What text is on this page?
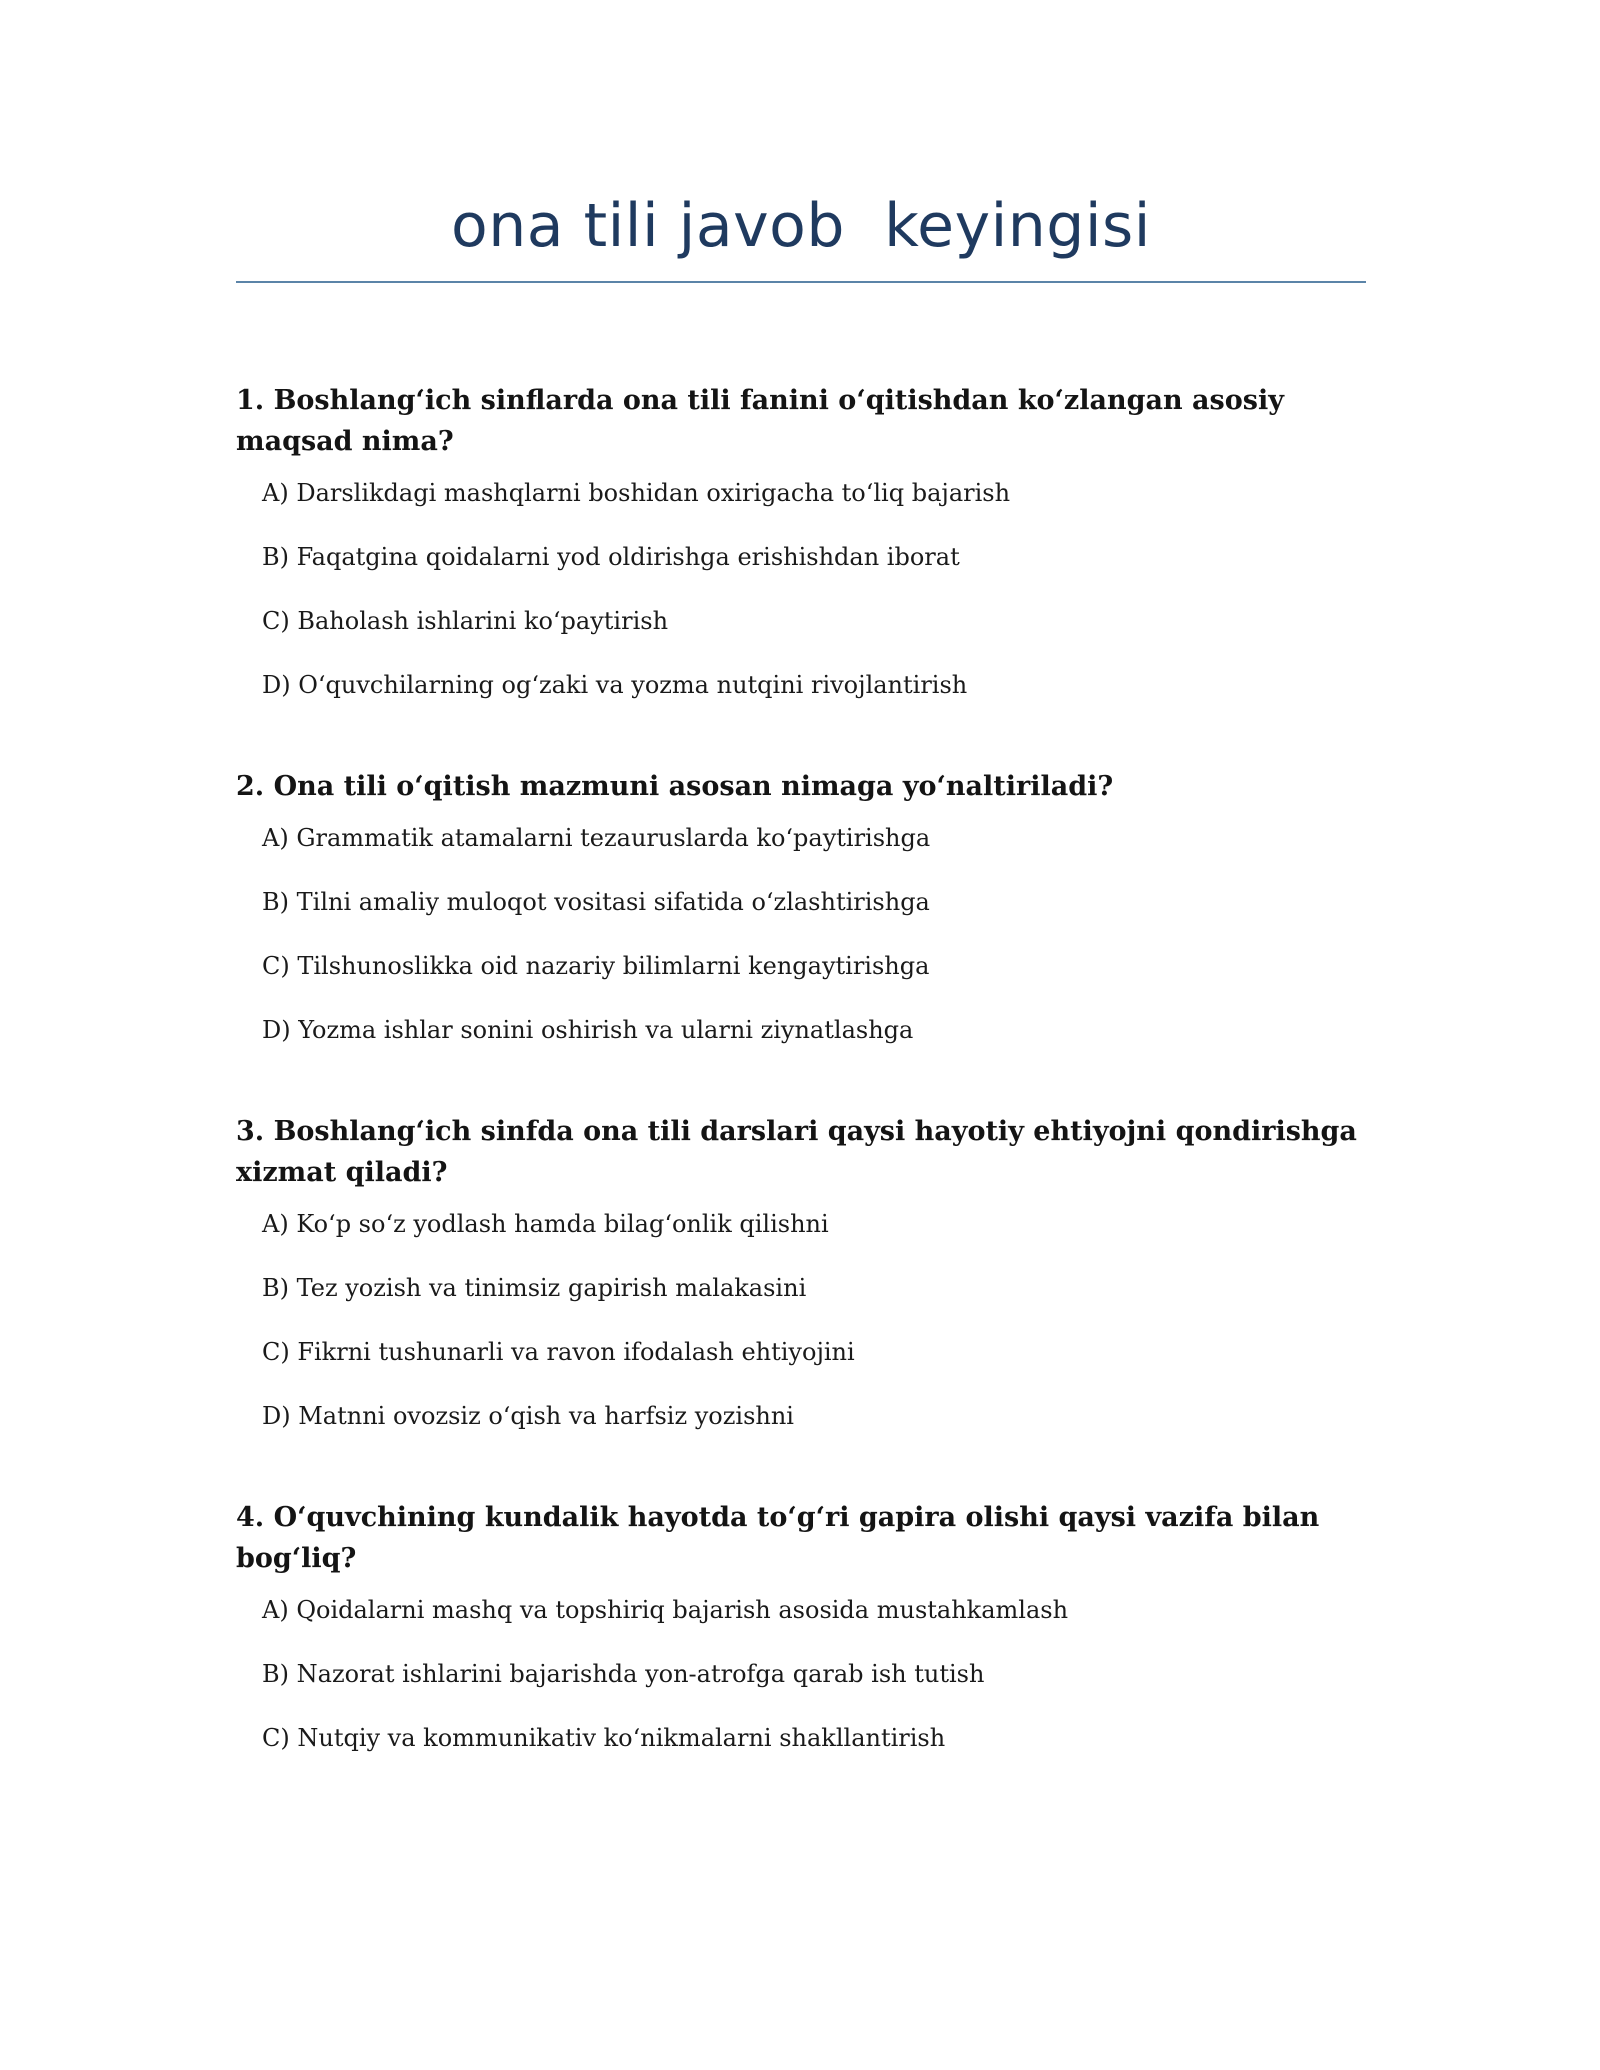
ona tili javob  keyingisi

1. Boshlang‘ich sinflarda ona tili fanini o‘qitishdan ko‘zlangan asosiy maqsad nima?

A) Darslikdagi mashqlarni boshidan oxirigacha to‘liq bajarish
B) Faqatgina qoidalarni yod oldirishga erishishdan iborat
C) Baholash ishlarini ko‘paytirish
D) O‘quvchilarning og‘zaki va yozma nutqini rivojlantirish

2. Ona tili o‘qitish mazmuni asosan nimaga yo‘naltiriladi?

A) Grammatik atamalarni tezauruslarda ko‘paytirishga
B) Tilni amaliy muloqot vositasi sifatida o‘zlashtirishga
C) Tilshunoslikka oid nazariy bilimlarni kengaytirishga
D) Yozma ishlar sonini oshirish va ularni ziynatlashga

3. Boshlang‘ich sinfda ona tili darslari qaysi hayotiy ehtiyojni qondirishga xizmat qiladi?

A) Ko‘p so‘z yodlash hamda bilag‘onlik qilishni
B) Tez yozish va tinimsiz gapirish malakasini
C) Fikrni tushunarli va ravon ifodalash ehtiyojini
D) Matnni ovozsiz o‘qish va harfsiz yozishni

4. O‘quvchining kundalik hayotda to‘g‘ri gapira olishi qaysi vazifa bilan bog‘liq?

A) Qoidalarni mashq va topshiriq bajarish asosida mustahkamlash
B) Nazorat ishlarini bajarishda yon-atrofga qarab ish tutish
C) Nutqiy va kommunikativ ko‘nikmalarni shakllantirish
